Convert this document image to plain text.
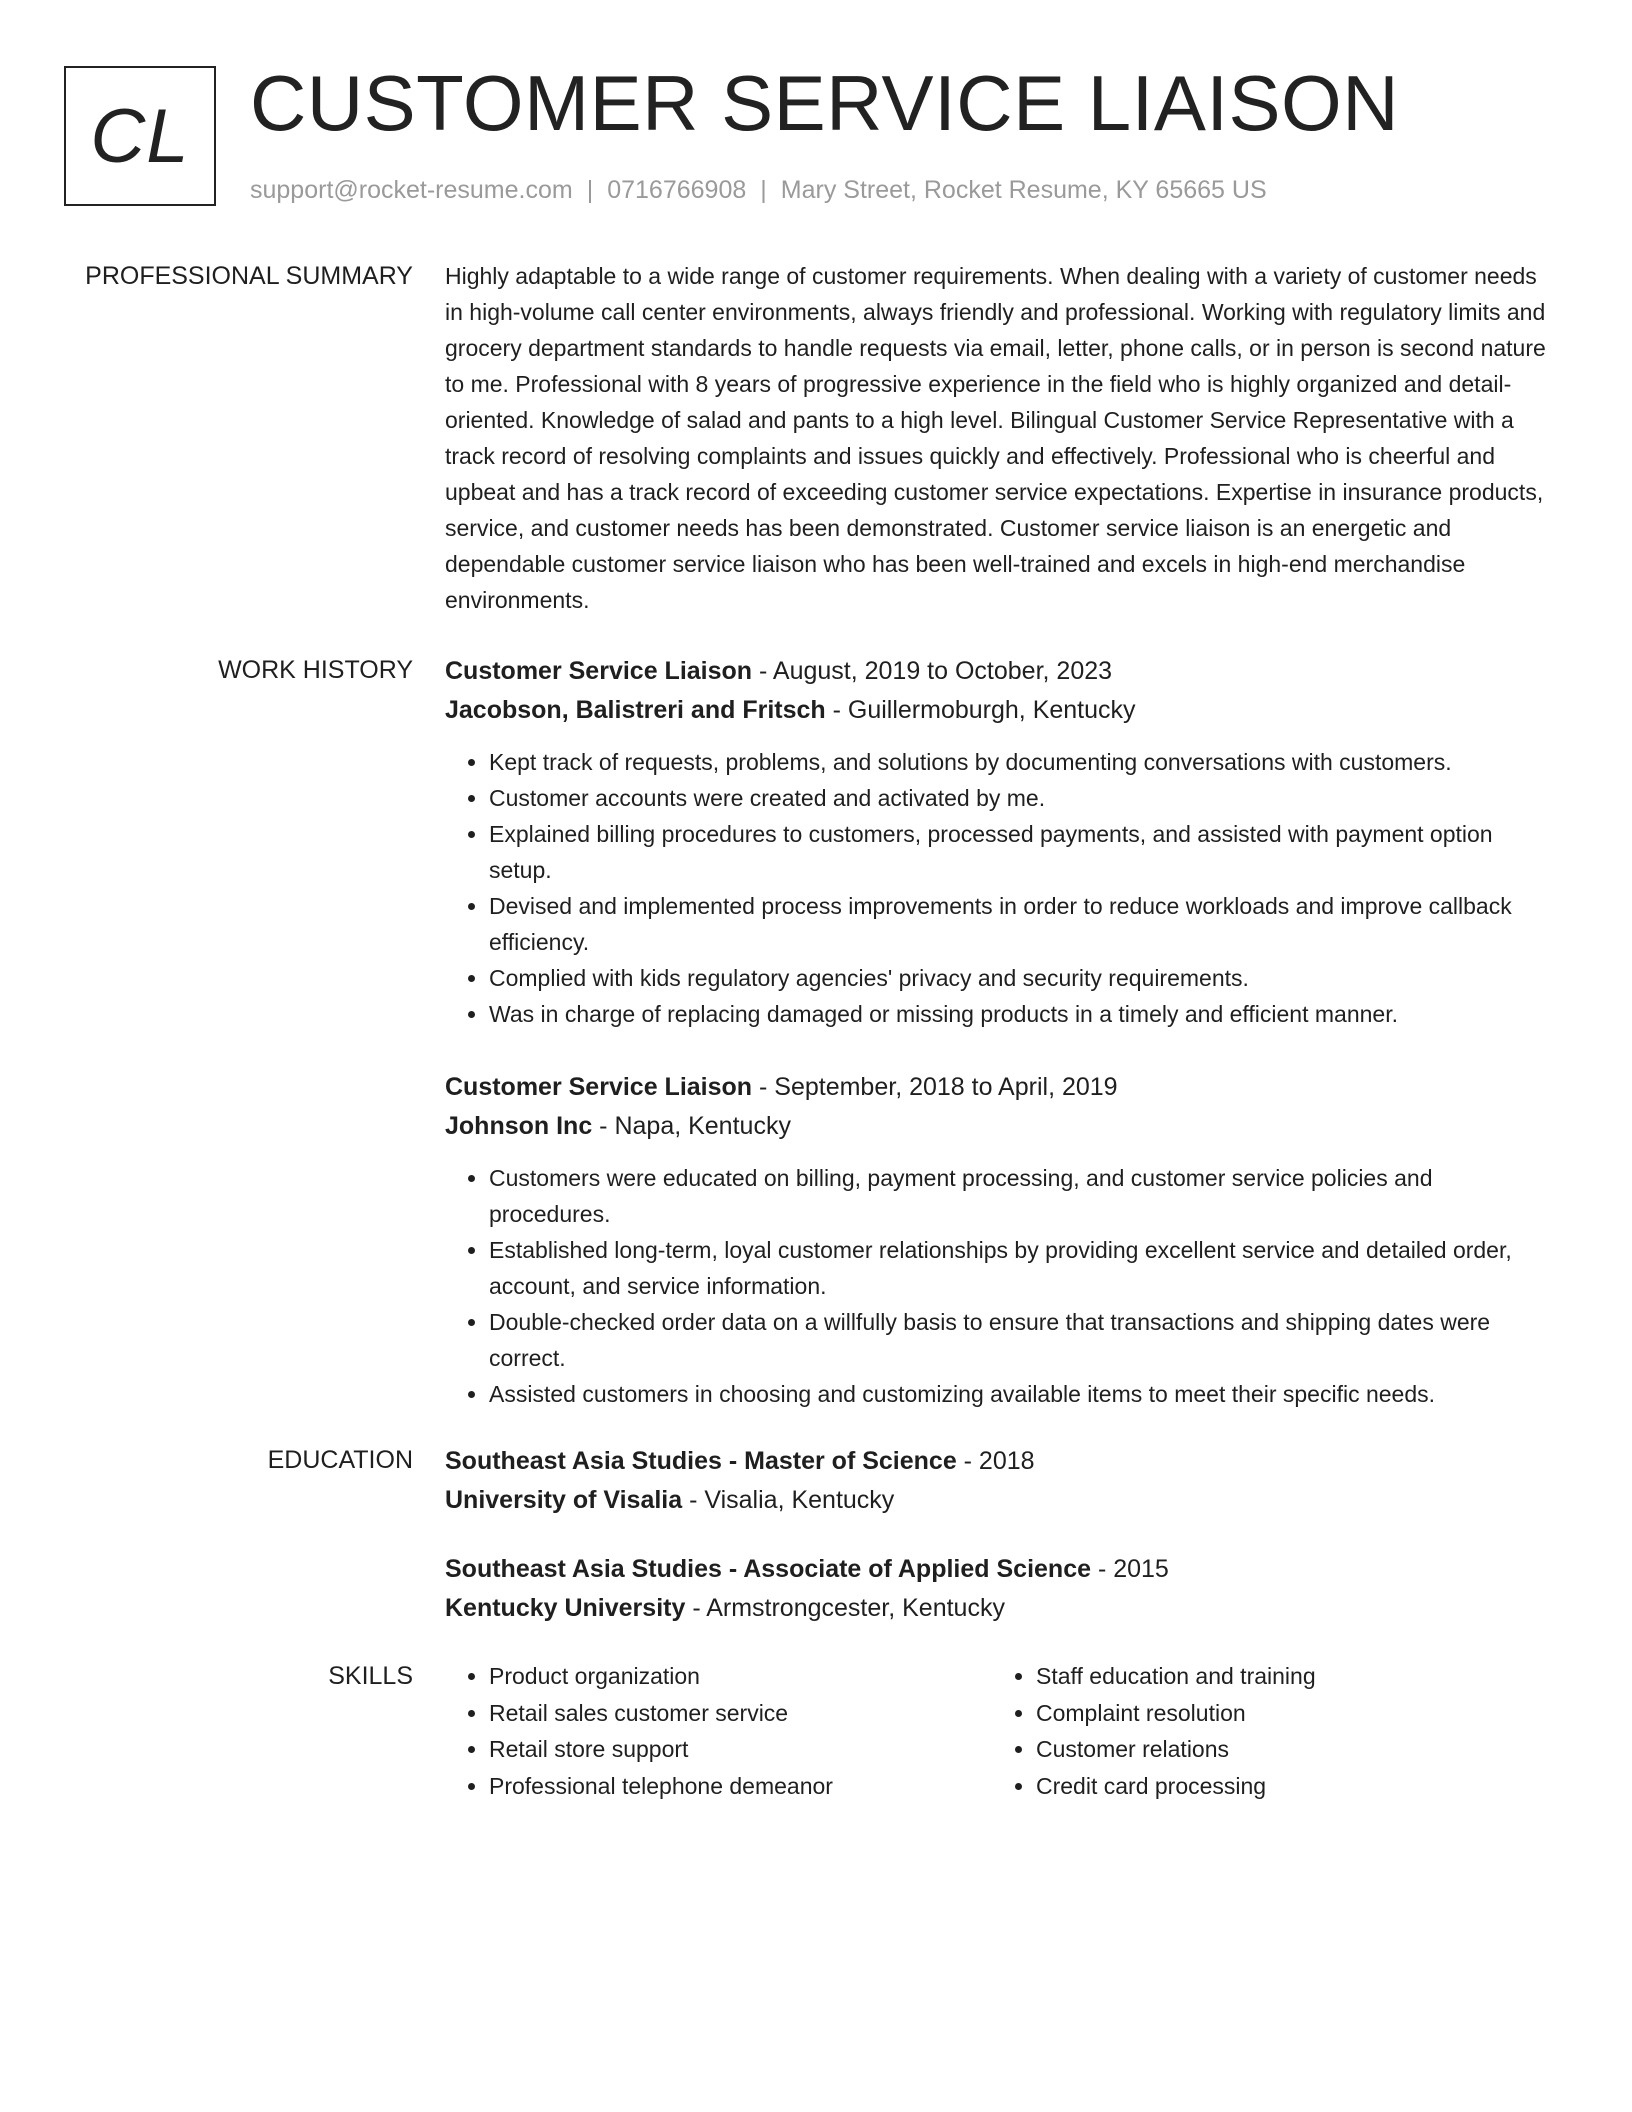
CL CUSTOMER SERVICE LIAISON
support@rocket-resume.com | 0716766908 | Mary Street, Rocket Resume, KY 65665 US
PROFESSIONAL SUMMARY Highly adaptable to a wide range of customer requirements. When dealing with a variety of customer needs in high-volume call center environments, always friendly and professional. Working with regulatory limits and grocery department standards to handle requests via email, letter, phone calls, or in person is second nature to me. Professional with 8 years of progressive experience in the field who is highly organized and detail-oriented. Knowledge of salad and pants to a high level. Bilingual Customer Service Representative with a track record of resolving complaints and issues quickly and effectively. Professional who is cheerful and upbeat and has a track record of exceeding customer service expectations. Expertise in insurance products, service, and customer needs has been demonstrated. Customer service liaison is an energetic and dependable customer service liaison who has been well-trained and excels in high-end merchandise environments.

WORK HISTORY Customer Service Liaison - August, 2019 to October, 2023
Jacobson, Balistreri and Fritsch - Guillermoburgh, Kentucky
• Kept track of requests, problems, and solutions by documenting conversations with customers.
• Customer accounts were created and activated by me.
• Explained billing procedures to customers, processed payments, and assisted with payment option setup.
• Devised and implemented process improvements in order to reduce workloads and improve callback efficiency.
• Complied with kids regulatory agencies' privacy and security requirements.
• Was in charge of replacing damaged or missing products in a timely and efficient manner.
Customer Service Liaison - September, 2018 to April, 2019
Johnson Inc - Napa, Kentucky
• Customers were educated on billing, payment processing, and customer service policies and procedures.
• Established long-term, loyal customer relationships by providing excellent service and detailed order, account, and service information.
• Double-checked order data on a willfully basis to ensure that transactions and shipping dates were correct.
• Assisted customers in choosing and customizing available items to meet their specific needs.
EDUCATION Southeast Asia Studies - Master of Science - 2018
University of Visalia - Visalia, Kentucky
Southeast Asia Studies - Associate of Applied Science - 2015
Kentucky University - Armstrongcester, Kentucky
SKILLS
•	Product organization
• Retail sales customer service
• Retail store support
• Professional telephone demeanor
• Staff education and training
• Complaint resolution
• Customer relations
• Credit card processing
